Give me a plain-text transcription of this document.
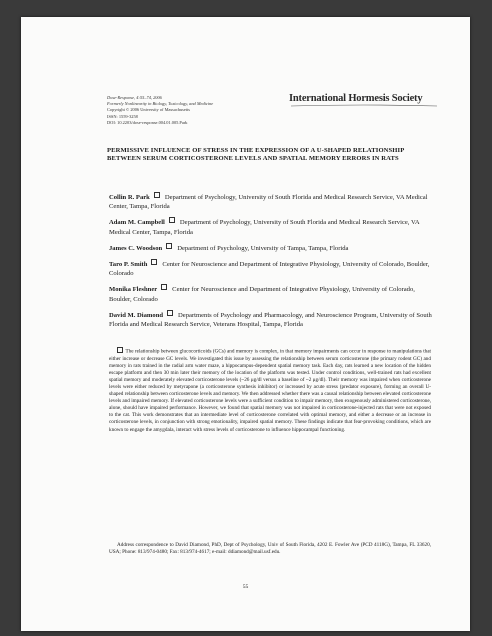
Dose-Response, 4:55–74, 2006
Formerly Nonlinearity in Biology, Toxicology, and Medicine
Copyright © 2006 University of Massachusetts
ISSN: 1559-3258
DOI: 10.2203/dose-response.004.01.005.Park
International Hormesis Society
PERMISSIVE INFLUENCE OF STRESS IN THE EXPRESSION OF A U-SHAPED RELATIONSHIP BETWEEN SERUM CORTICOSTERONE LEVELS AND SPATIAL MEMORY ERRORS IN RATS
Collin R. Park Department of Psychology, University of South Florida and Medical Research Service, VA Medical Center, Tampa, Florida
Adam M. Campbell Department of Psychology, University of South Florida and Medical Research Service, VA Medical Center, Tampa, Florida
James C. Woodson Department of Psychology, University of Tampa, Tampa, Florida
Taro P. Smith Center for Neuroscience and Department of Integrative Physiology, University of Colorado, Boulder, Colorado
Monika Fleshner Center for Neuroscience and Department of Integrative Physiology, University of Colorado, Boulder, Colorado
David M. Diamond Departments of Psychology and Pharmacology, and Neuroscience Program, University of South Florida and Medical Research Service, Veterans Hospital, Tampa, Florida
The relationship between glucocorticoids (GCs) and memory is complex, in that memory impairments can occur in response to manipulations that either increase or decrease GC levels. We investigated this issue by assessing the relationship between serum corticosterone (the primary rodent GC) and memory in rats trained in the radial arm water maze, a hippocampus-dependent spatial memory task. Each day, rats learned a new location of the hidden escape platform and then 30 min later their memory of the location of the platform was tested. Under control conditions, well-trained rats had excellent spatial memory and moderately elevated corticosterone levels (~26 μg/dl versus a baseline of ~2 μg/dl). Their memory was impaired when corticosterone levels were either reduced by metyrapone (a corticosterone synthesis inhibitor) or increased by acute stress (predator exposure), forming an overall U-shaped relationship between corticosterone levels and memory. We then addressed whether there was a causal relationship between elevated corticosterone levels and impaired memory. If elevated corticosterone levels were a sufficient condition to impair memory, then exogenously administered corticosterone, alone, should have impaired performance. However, we found that spatial memory was not impaired in corticosterone-injected rats that were not exposed to the cat. This work demonstrates that an intermediate level of corticosterone correlated with optimal memory, and either a decrease or an increase in corticosterone levels, in conjunction with strong emotionality, impaired spatial memory. These findings indicate that fear-provoking conditions, which are known to engage the amygdala, interact with stress levels of corticosterone to influence hippocampal functioning.
Address correspondence to David Diamond, PhD, Dept of Psychology, Univ of South Florida, 4202 E. Fowler Ave (PCD 4118G), Tampa, FL 33620, USA; Phone: 813/974-0480; Fax: 813/974-4617; e-mail: ddiamond@mail.usf.edu.
55
